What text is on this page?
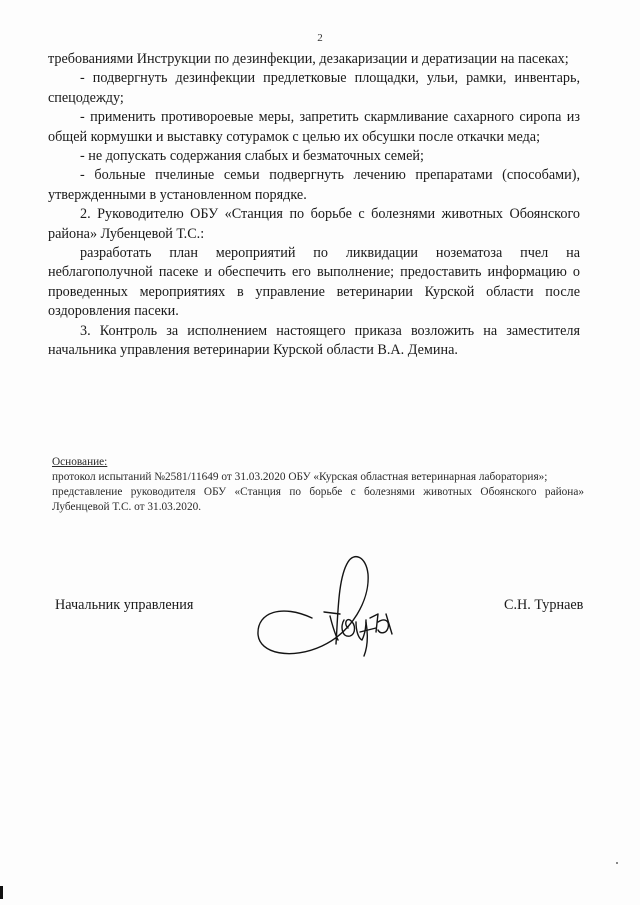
2

требованиями Инструкции по дезинфекции, дезакаризации и дератизации на пасеках;

- подвергнуть дезинфекции предлетковые площадки, ульи, рамки, инвентарь, спецодежду;

- применить противороевые меры, запретить скармливание сахарного сиропа из общей кормушки и выставку сотурамок с целью их обсушки после откачки меда;

- не допускать содержания слабых и безматочных семей;

- больные пчелиные семьи подвергнуть лечению препаратами (способами), утвержденными в установленном порядке.

2. Руководителю ОБУ «Станция по борьбе с болезнями животных Обоянского района» Лубенцевой Т.С.:

разработать план мероприятий по ликвидации нозематоза пчел на неблагополучной пасеке и обеспечить его выполнение; предоставить информацию о проведенных мероприятиях в управление ветеринарии Курской области после оздоровления пасеки.

3. Контроль за исполнением настоящего приказа возложить на заместителя начальника управления ветеринарии Курской области В.А. Демина.

Основание:

протокол испытаний №2581/11649 от 31.03.2020 ОБУ «Курская областная ветеринарная лаборатория»;

представление руководителя ОБУ «Станция по борьбе с болезнями животных Обоянского района» Лубенцевой Т.С. от 31.03.2020.

Начальник управления	С.Н. Турнаев
